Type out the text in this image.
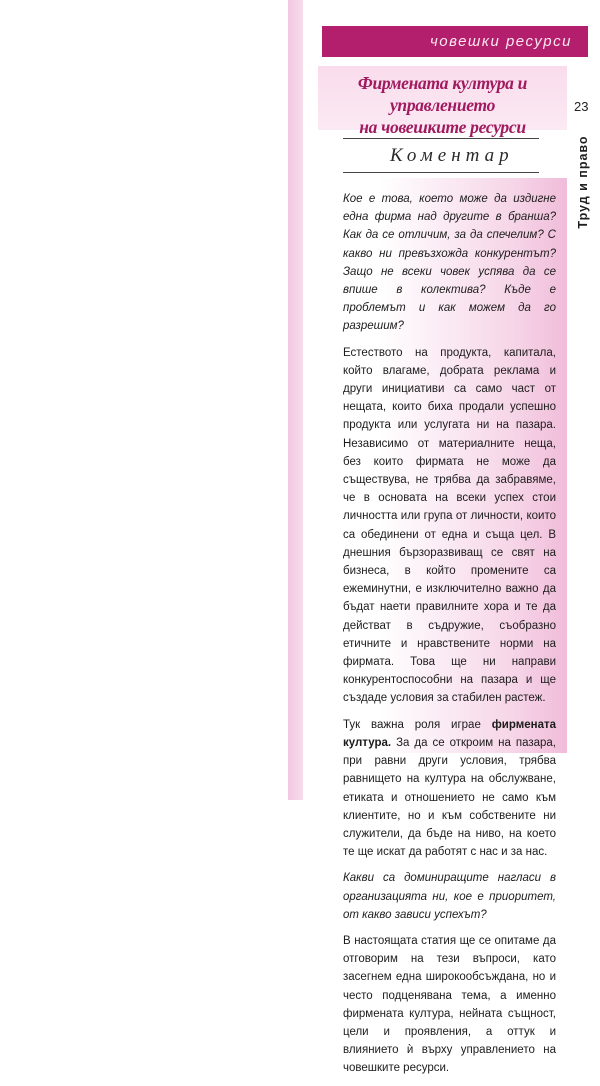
човешки ресурси
Фирмената култура и управлението
на човешките ресурси
23
Труд и право
Коментар

Кое е това, което може да издигне една фирма над другите в бранша? Как да се отличим, за да спечелим? С какво ни превъзхожда конкурентът? Защо не всеки човек успява да се впише в колектива? Къде е проблемът и как можем да го разрешим?

Естеството на продукта, капитала, който влагаме, добрата реклама и други инициативи са само част от нещата, които биха продали успешно продукта или услугата ни на пазара. Независимо от материалните неща, без които фирмата не може да съществува, не трябва да забравяме, че в основата на всеки успех стои личността или група от личности, които са обединени от една и съща цел. В днешния бързоразвиващ се свят на бизнеса, в който промените са ежеминутни, е изключително важно да бъдат наети правилните хора и те да действат в съдружие, съобразно етичните и нравствените норми на фирмата. Това ще ни направи конкурентоспособни на пазара и ще създаде условия за стабилен растеж.

Тук важна роля играе фирмената култура. За да се откроим на пазара, при равни други условия, трябва равнището на култура на обслужване, етиката и отношението не само към клиентите, но и към собствените ни служители, да бъде на ниво, на което те ще искат да работят с нас и за нас.

Какви са доминиращите нагласи в организацията ни, кое е приоритет, от какво зависи успехът?

В настоящата статия ще се опитаме да отговорим на тези въпроси, като засегнем една широкообсъждана, но и често подценявана тема, а именно фирмената култура, нейната същност, цели и проявления, а оттук и влиянието ѝ върху управлението на човешките ресурси.
